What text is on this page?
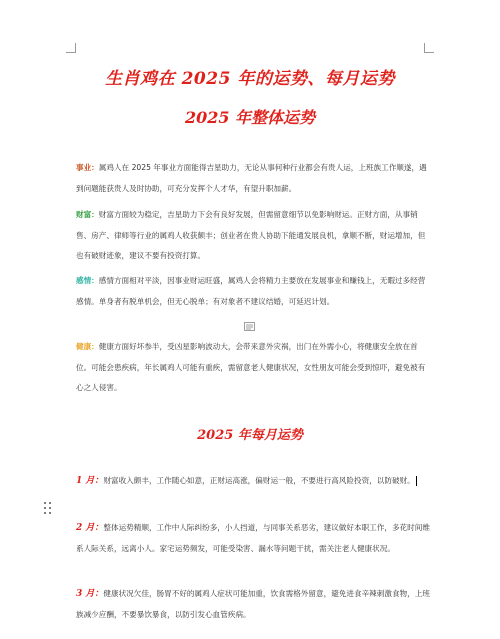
生肖鸡在 2025 年的运势、每月运势
2025 年整体运势
事业：属鸡人在 2025 年事业方面能得吉星助力，无论从事何种行业都会有贵人运，上班族工作顺遂，遇到问题能获贵人及时协助，可充分发挥个人才华，有望升职加薪。
财富：财富方面较为稳定，吉星助力下会有良好发展，但需留意细节以免影响财运。正财方面，从事销售、房产、律师等行业的属鸡人收获颇丰；创业者在贵人协助下能通发展良机，拿顺不断，财运增加，但也有破财迹象，建议不要有投资打算。
感情：感情方面相对平淡，因事业财运旺盛，属鸡人会将精力主要放在发展事业和赚钱上，无暇过多经营感情。单身者有脱单机会，但无心脱单；有对象者不建议结婚，可延迟计划。
健康：健康方面好坏参半，受凶星影响波动大，会带来意外灾祸，出门在外需小心，将健康安全放在首位。可能会患疾病，年长属鸡人可能有重疾，需留意老人健康状况，女性朋友可能会受到惊吓，避免被有心之人侵害。
2025 年每月运势
1 月：财富收入颇丰，工作随心如意，正财运高涨，偏财运一般，不要进行高风险投资，以防破财。
2 月：整体运势精顺，工作中人际纠纷多，小人挡道，与同事关系恶劣，建议做好本职工作，多花时间维系人际关系，远离小人。家宅运势频发，可能受染害、漏水等问题干扰，需关注老人健康状况。
3 月：健康状况欠佳，肠胃不好的属鸡人症状可能加重，饮食需格外留意，避免进食辛辣刺激食物，上班族减少应酬，不要暴饮暴食，以防引发心血管疾病。
